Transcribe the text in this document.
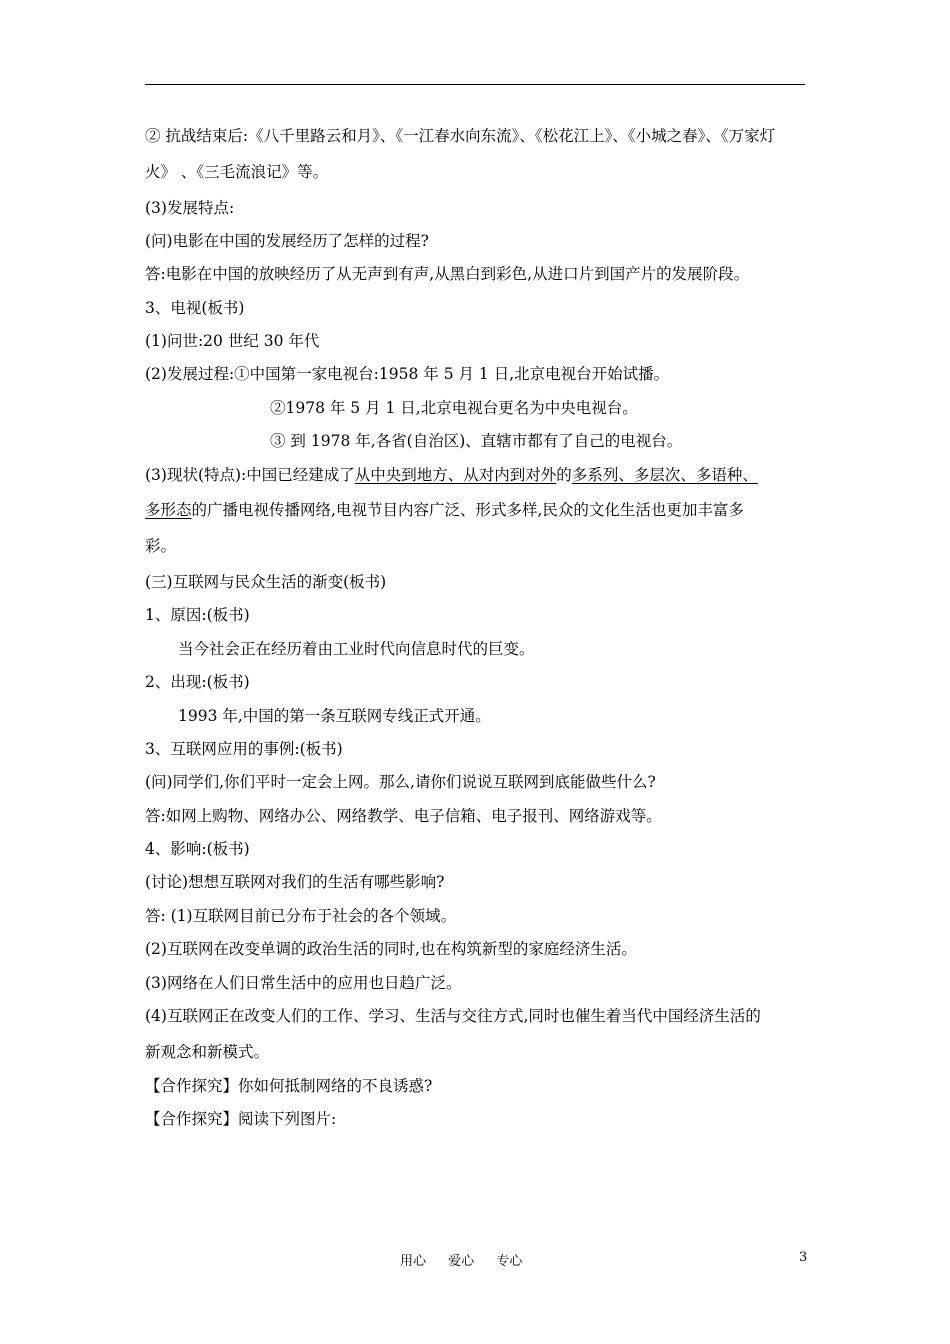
② 抗战结束后:《八千里路云和月》、《一江春水向东流》、《松花江上》、《小城之春》、《万家灯
火》 、《三毛流浪记》等。
(3)发展特点:
(问)电影在中国的发展经历了怎样的过程?
答:电影在中国的放映经历了从无声到有声,从黑白到彩色,从进口片到国产片的发展阶段。
3、电视(板书)
(1)问世:20 世纪 30 年代
(2)发展过程:①中国第一家电视台:1958 年 5 月 1 日,北京电视台开始试播。
②1978 年 5 月 1 日,北京电视台更名为中央电视台。
③ 到 1978 年,各省(自治区)、直辖市都有了自己的电视台。
(3)现状(特点):中国已经建成了从中央到地方、从对内到对外的多系列、多层次、多语种、
多形态的广播电视传播网络,电视节目内容广泛、形式多样,民众的文化生活也更加丰富多
彩。
(三)互联网与民众生活的渐变(板书)
1、原因:(板书)
当今社会正在经历着由工业时代向信息时代的巨变。
2、出现:(板书)
1993 年,中国的第一条互联网专线正式开通。
3、互联网应用的事例:(板书)
(问)同学们,你们平时一定会上网。那么,请你们说说互联网到底能做些什么?
答:如网上购物、网络办公、网络教学、电子信箱、电子报刊、网络游戏等。
4、影响:(板书)
(讨论)想想互联网对我们的生活有哪些影响?
答: (1)互联网目前已分布于社会的各个领域。
(2)互联网在改变单调的政治生活的同时,也在构筑新型的家庭经济生活。
(3)网络在人们日常生活中的应用也日趋广泛。
(4)互联网正在改变人们的工作、学习、生活与交往方式,同时也催生着当代中国经济生活的
新观念和新模式。
【合作探究】你如何抵制网络的不良诱惑?
【合作探究】阅读下列图片:
用心 爱心 专心	3
